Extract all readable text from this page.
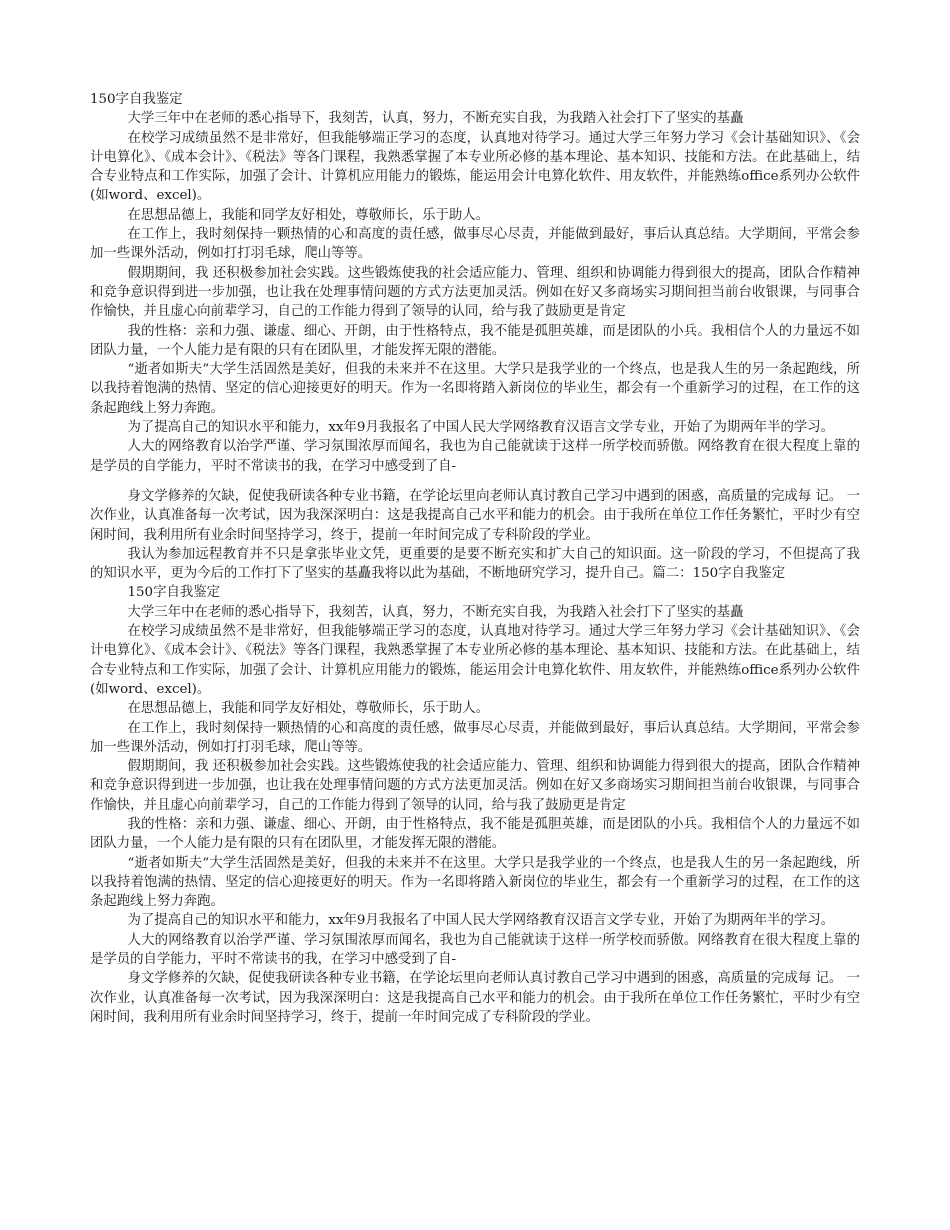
150字自我鉴定

大学三年中在老师的悉心指导下，我刻苦，认真，努力，不断充实自我，为我踏入社会打下了坚实的基矗

在校学习成绩虽然不是非常好，但我能够端正学习的态度，认真地对待学习。通过大学三年努力学习《会计基础知识》、《会计电算化》、《成本会计》、《税法》等各门课程，我熟悉掌握了本专业所必修的基本理论、基本知识、技能和方法。在此基础上，结合专业特点和工作实际，加强了会计、计算机应用能力的锻炼，能运用会计电算化软件、用友软件，并能熟练office系列办公软件(如word、excel)。

在思想品德上，我能和同学友好相处，尊敬师长，乐于助人。

在工作上，我时刻保持一颗热情的心和高度的责任感，做事尽心尽责，并能做到最好，事后认真总结。大学期间，平常会参加一些课外活动，例如打打羽毛球，爬山等等。

假期期间，我 还积极参加社会实践。这些锻炼使我的社会适应能力、管理、组织和协调能力得到很大的提高，团队合作精神和竞争意识得到进一步加强，也让我在处理事情问题的方式方法更加灵活。例如在好又多商场实习期间担当前台收银课，与同事合作愉快，并且虚心向前辈学习，自己的工作能力得到了领导的认同，给与我了鼓励更是肯定

我的性格：亲和力强、谦虚、细心、开朗，由于性格特点，我不能是孤胆英雄，而是团队的小兵。我相信个人的力量远不如团队力量，一个人能力是有限的只有在团队里，才能发挥无限的潜能。

“逝者如斯夫”大学生活固然是美好，但我的未来并不在这里。大学只是我学业的一个终点，也是我人生的另一条起跑线，所以我持着饱满的热情、坚定的信心迎接更好的明天。作为一名即将踏入新岗位的毕业生，都会有一个重新学习的过程，在工作的这条起跑线上努力奔跑。

为了提高自己的知识水平和能力，xx年9月我报名了中国人民大学网络教育汉语言文学专业，开始了为期两年半的学习。

人大的网络教育以治学严谨、学习氛围浓厚而闻名，我也为自己能就读于这样一所学校而骄傲。网络教育在很大程度上靠的是学员的自学能力，平时不常读书的我，在学习中感受到了自-

身文学修养的欠缺，促使我研读各种专业书籍，在学论坛里向老师认真讨教自己学习中遇到的困惑，高质量的完成每 记。 一次作业，认真准备每一次考试，因为我深深明白：这是我提高自己水平和能力的机会。由于我所在单位工作任务繁忙，平时少有空闲时间，我利用所有业余时间坚持学习，终于，提前一年时间完成了专科阶段的学业。

我认为参加远程教育并不只是拿张毕业文凭，更重要的是要不断充实和扩大自己的知识面。这一阶段的学习，不但提高了我的知识水平，更为今后的工作打下了坚实的基矗我将以此为基础，不断地研究学习，提升自己。篇二：150字自我鉴定

150字自我鉴定

大学三年中在老师的悉心指导下，我刻苦，认真，努力，不断充实自我，为我踏入社会打下了坚实的基矗

在校学习成绩虽然不是非常好，但我能够端正学习的态度，认真地对待学习。通过大学三年努力学习《会计基础知识》、《会计电算化》、《成本会计》、《税法》等各门课程，我熟悉掌握了本专业所必修的基本理论、基本知识、技能和方法。在此基础上，结合专业特点和工作实际，加强了会计、计算机应用能力的锻炼，能运用会计电算化软件、用友软件，并能熟练office系列办公软件(如word、excel)。

在思想品德上，我能和同学友好相处，尊敬师长，乐于助人。

在工作上，我时刻保持一颗热情的心和高度的责任感，做事尽心尽责，并能做到最好，事后认真总结。大学期间，平常会参加一些课外活动，例如打打羽毛球，爬山等等。

假期期间，我 还积极参加社会实践。这些锻炼使我的社会适应能力、管理、组织和协调能力得到很大的提高，团队合作精神和竞争意识得到进一步加强，也让我在处理事情问题的方式方法更加灵活。例如在好又多商场实习期间担当前台收银课，与同事合作愉快，并且虚心向前辈学习，自己的工作能力得到了领导的认同，给与我了鼓励更是肯定

我的性格：亲和力强、谦虚、细心、开朗，由于性格特点，我不能是孤胆英雄，而是团队的小兵。我相信个人的力量远不如团队力量，一个人能力是有限的只有在团队里，才能发挥无限的潜能。

“逝者如斯夫”大学生活固然是美好，但我的未来并不在这里。大学只是我学业的一个终点，也是我人生的另一条起跑线，所以我持着饱满的热情、坚定的信心迎接更好的明天。作为一名即将踏入新岗位的毕业生，都会有一个重新学习的过程，在工作的这条起跑线上努力奔跑。

为了提高自己的知识水平和能力，xx年9月我报名了中国人民大学网络教育汉语言文学专业，开始了为期两年半的学习。

人大的网络教育以治学严谨、学习氛围浓厚而闻名，我也为自己能就读于这样一所学校而骄傲。网络教育在很大程度上靠的是学员的自学能力，平时不常读书的我，在学习中感受到了自-

身文学修养的欠缺，促使我研读各种专业书籍，在学论坛里向老师认真讨教自己学习中遇到的困惑，高质量的完成每 记。 一次作业，认真准备每一次考试，因为我深深明白：这是我提高自己水平和能力的机会。由于我所在单位工作任务繁忙，平时少有空闲时间，我利用所有业余时间坚持学习，终于，提前一年时间完成了专科阶段的学业。
